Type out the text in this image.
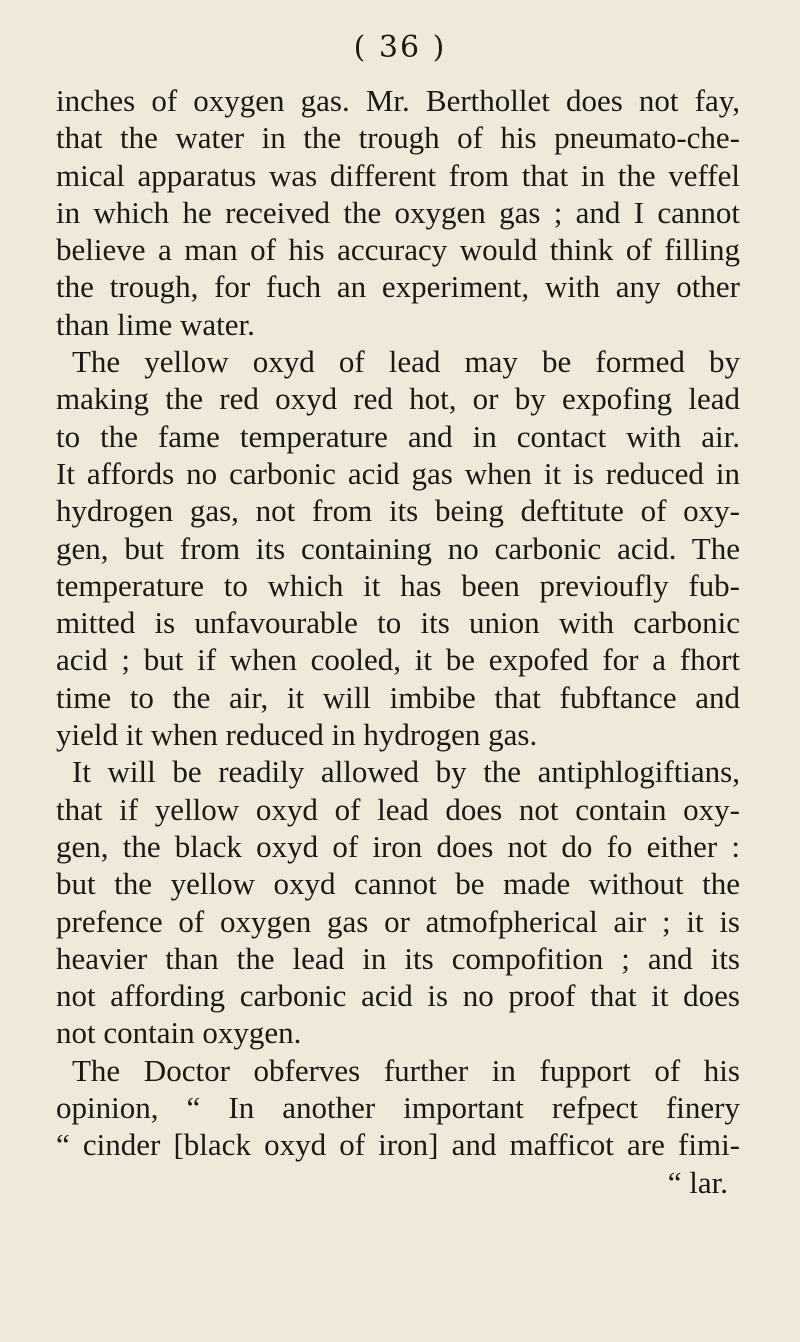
( 36 )
inches of oxygen gas. Mr. Berthollet does not fay,
that the water in the trough of his pneumato-che-
mical apparatus was different from that in the veffel
in which he received the oxygen gas ; and I cannot
believe a man of his accuracy would think of filling
the trough, for fuch an experiment, with any other
than lime water.
The yellow oxyd of lead may be formed by
making the red oxyd red hot, or by expofing lead
to the fame temperature and in contact with air.
It affords no carbonic acid gas when it is reduced in
hydrogen gas, not from its being deftitute of oxy-
gen, but from its containing no carbonic acid. The
temperature to which it has been previoufly fub-
mitted is unfavourable to its union with carbonic
acid ; but if when cooled, it be expofed for a fhort
time to the air, it will imbibe that fubftance and
yield it when reduced in hydrogen gas.
It will be readily allowed by the antiphlogiftians,
that if yellow oxyd of lead does not contain oxy-
gen, the black oxyd of iron does not do fo either :
but the yellow oxyd cannot be made without the
prefence of oxygen gas or atmofpherical air ; it is
heavier than the lead in its compofition ; and its
not affording carbonic acid is no proof that it does
not contain oxygen.
The Doctor obferves further in fupport of his
opinion, “ In another important refpect finery
“ cinder [black oxyd of iron] and mafficot are fimi-
“ lar.
